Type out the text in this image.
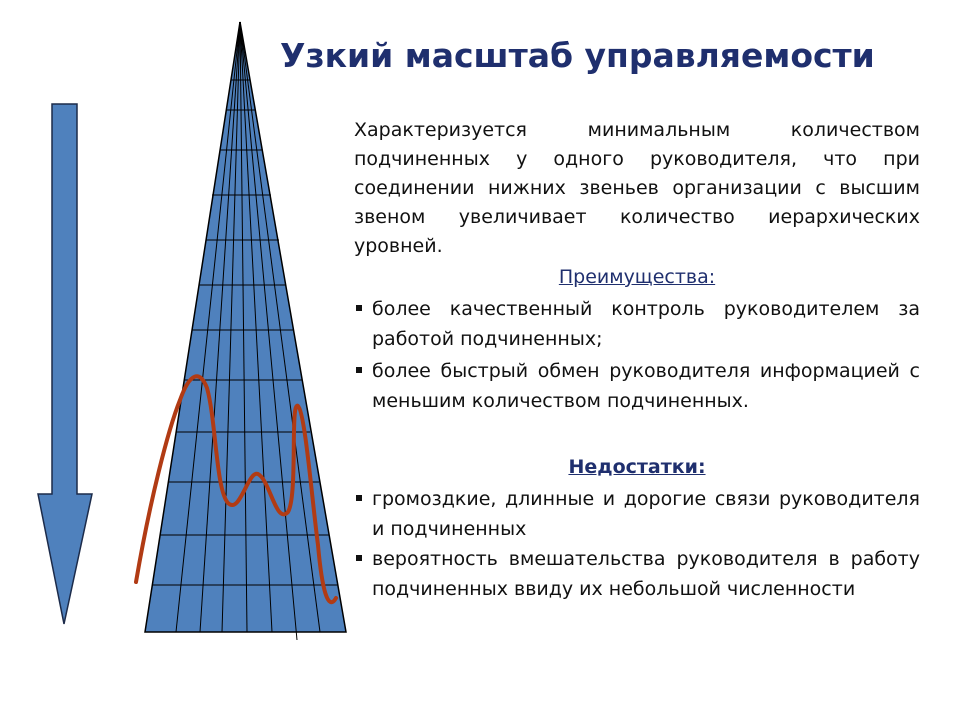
Узкий масштаб управляемости
Характеризуется минимальным количеством подчиненных у одного руководителя, что при соединении нижних звеньев организации с высшим звеном увеличивает количество иерархических уровней.
Преимущества:
более качественный контроль руководителем за работой подчиненных;
более быстрый обмен руководителя информацией с меньшим количеством подчиненных.
Недостатки:
громоздкие, длинные и дорогие связи руководителя и подчиненных
вероятность вмешательства руководителя в работу подчиненных ввиду их небольшой численности
